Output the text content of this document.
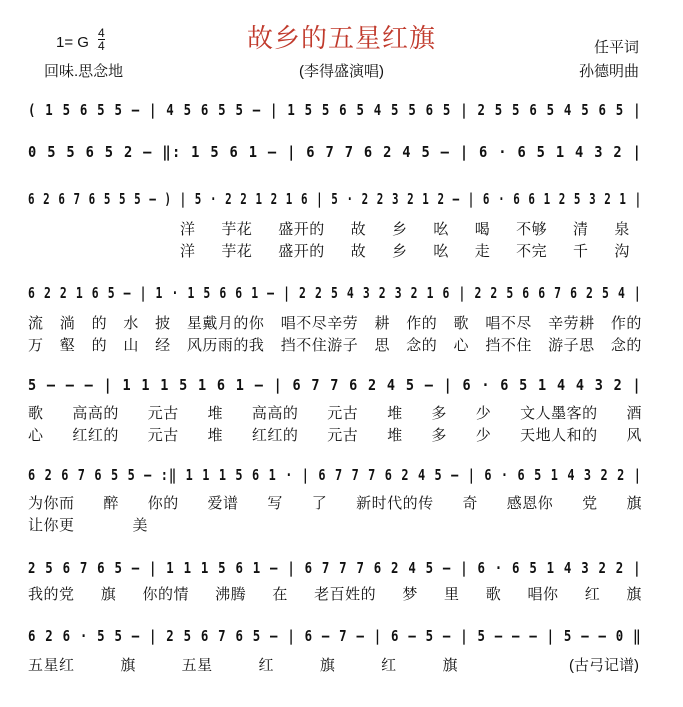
故乡的五星红旗
1= G
4
4
回味.思念地	(李得盛演唱)
任平词
孙德明曲
( 1 5 6 5 5 – | 4 5 6 5 5 – | 1 5 5 6 5 4 5 5 6 5 | 2 5 5 6 5 4 5 6 5 |
0 5 5 6 5 2 – ‖: 1 5 6 1 – | 6 7 7 6 2 4 5 – | 6 · 6 5 1 4 3 2 |
6 2 6 7 6 5 5 5 – ) | 5 · 2 2 1 2 1 6 | 5 · 2 2 3 2 1 2 – | 6 · 6 6 1 2 5 3 2 1 |
6 2 2 1 6 5 – | 1 · 1 5 6 6 1 – | 2 2 5 4 3 2 3 2 1 6 | 2 2 5 6 6 7 6 2 5 4 |
5 – – – | 1 1 1 5 1 6 1 – | 6 7 7 6 2 4 5 – | 6 · 6 5 1 4 4 3 2 |
6 2 6 7 6 5 5 – :‖ 1 1 1 5 6 1 · | 6 7 7 7 6 2 4 5 – | 6 · 6 5 1 4 3 2 2 |
2 5 6 7 6 5 – | 1 1 1 5 6 1 – | 6 7 7 7 6 2 4 5 – | 6 · 6 5 1 4 3 2 2 |
6 2 6 · 5 5 – | 2 5 6 7 6 5 – | 6 – 7 – | 6 – 5 – | 5 – – – | 5 – – 0 ‖
洋 芋花 盛开的 故 乡 吆 喝 不够 清 泉
洋 芋花 盛开的 故 乡 吆 走 不完 千 沟
流 淌 的 水 披 星戴月的你 唱不尽辛劳 耕 作的 歌 唱不尽 辛劳耕 作的
万 壑 的 山 经 风历雨的我 挡不住游子 思 念的 心 挡不住 游子思 念的
歌 高高的 元古 堆 高高的 元古 堆 多 少 文人墨客的 酒
心 红红的 元古 堆 红红的 元古 堆 多 少 天地人和的 风
为你而 醉 你的 爱谱 写 了 新时代的传 奇 感恩你 党 旗
让你更	美
我的党 旗 你的情 沸腾 在 老百姓的 梦 里 歌 唱你 红 旗
五星红	旗	五星	红	旗	红	旗	(古弓记谱)
